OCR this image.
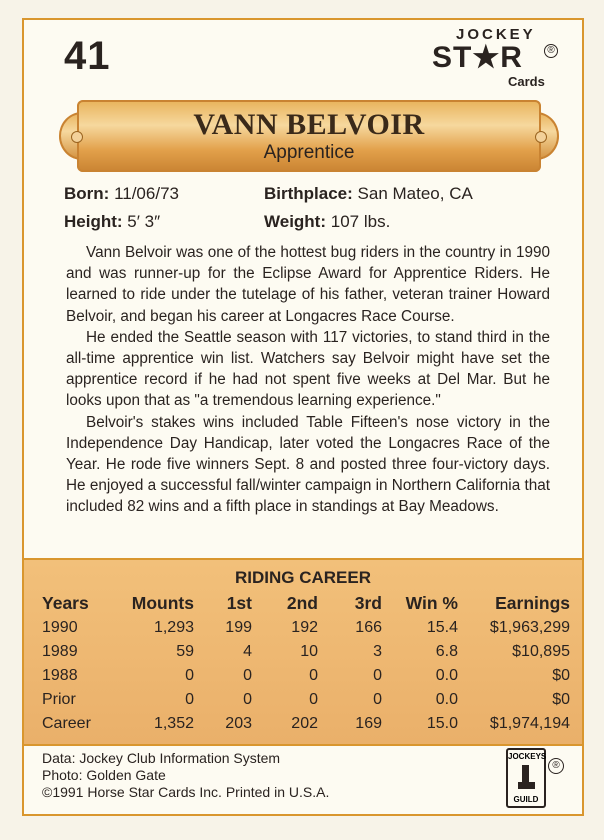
41	JOCKEY
ST★R	®
Cards
VANN BELVOIR
Apprentice
Born: 11/06/73	Birthplace: San Mateo, CA
Height: 5′ 3″	Weight: 107 lbs.

Vann Belvoir was one of the hottest bug riders in the country in 1990 and was runner-up for the Eclipse Award for Apprentice Riders. He learned to ride under the tutelage of his father, veteran trainer Howard Belvoir, and began his career at Longacres Race Course.

He ended the Seattle season with 117 victories, to stand third in the all-time apprentice win list. Watchers say Belvoir might have set the apprentice record if he had not spent five weeks at Del Mar. But he looks upon that as "a tremendous learning experience."

Belvoir's stakes wins included Table Fifteen's nose victory in the Independence Day Handicap, later voted the Longacres Race of the Year. He rode five winners Sept. 8 and posted three four-victory days. He enjoyed a successful fall/winter campaign in Northern California that included 82 wins and a fifth place in standings at Bay Meadows.

RIDING CAREER
Years	Mounts	1st	2nd	3rd	Win %	Earnings
1990	1,293	199	192	166	15.4	$1,963,299
1989	59	4	10	3	6.8	$10,895
1988	0	0	0	0	0.0	$0
Prior	0	0	0	0	0.0	$0
Career	1,352	203	202	169	15.0	$1,974,194
Data: Jockey Club Information System
Photo: Golden Gate
©1991 Horse Star Cards Inc. Printed in U.S.A.
JOCKEYS
GUILD
®
